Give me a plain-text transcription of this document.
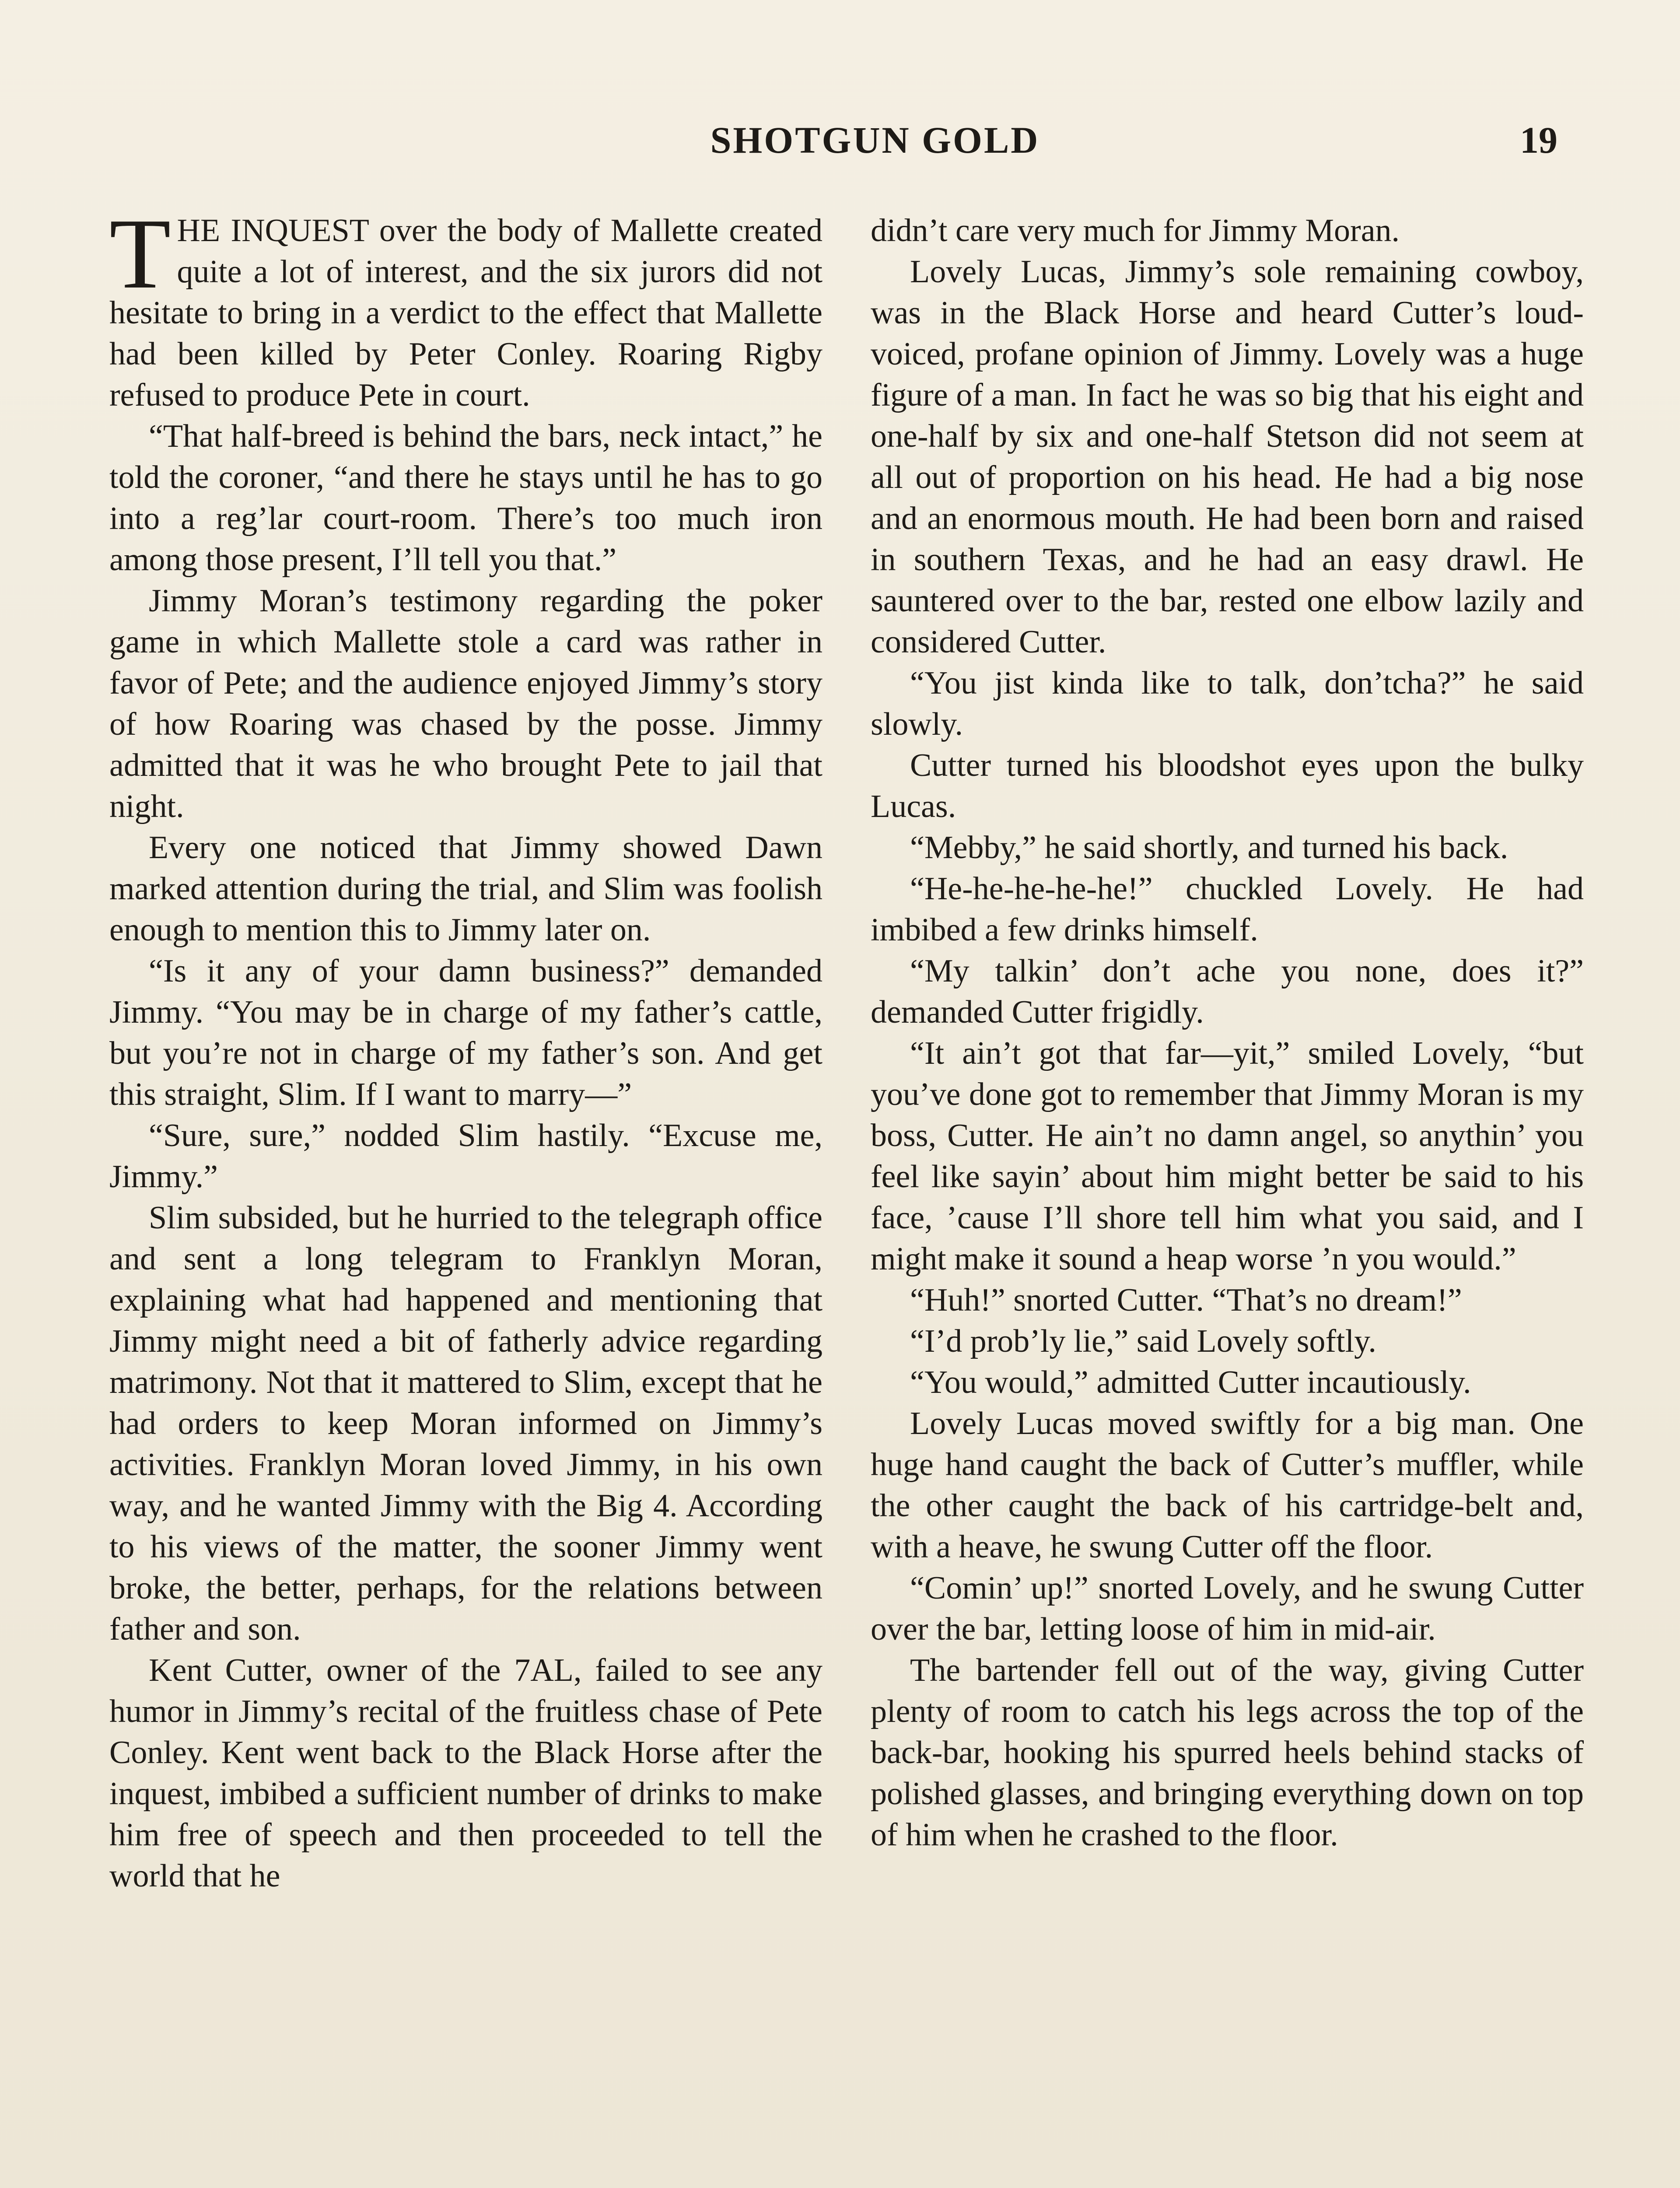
SHOTGUN GOLD	19

THE INQUEST over the body of Mallette created quite a lot of interest, and the six jurors did not hesitate to bring in a verdict to the effect that Mallette had been killed by Peter Conley. Roaring Rigby refused to produce Pete in court.

“That half-breed is behind the bars, neck intact,” he told the coroner, “and there he stays until he has to go into a reg’lar court-room. There’s too much iron among those present, I’ll tell you that.”

Jimmy Moran’s testimony regarding the poker game in which Mallette stole a card was rather in favor of Pete; and the audience enjoyed Jimmy’s story of how Roaring was chased by the posse. Jimmy admitted that it was he who brought Pete to jail that night.

Every one noticed that Jimmy showed Dawn marked attention during the trial, and Slim was foolish enough to mention this to Jimmy later on.

“Is it any of your damn business?” demanded Jimmy. “You may be in charge of my father’s cattle, but you’re not in charge of my father’s son. And get this straight, Slim. If I want to marry—”

“Sure, sure,” nodded Slim hastily. “Excuse me, Jimmy.”

Slim subsided, but he hurried to the telegraph office and sent a long telegram to Franklyn Moran, explaining what had happened and mentioning that Jimmy might need a bit of fatherly advice regarding matrimony. Not that it mattered to Slim, except that he had orders to keep Moran informed on Jimmy’s activities. Franklyn Moran loved Jimmy, in his own way, and he wanted Jimmy with the Big 4. According to his views of the matter, the sooner Jimmy went broke, the better, perhaps, for the relations between father and son.

Kent Cutter, owner of the 7AL, failed to see any humor in Jimmy’s recital of the fruitless chase of Pete Conley. Kent went back to the Black Horse after the inquest, imbibed a sufficient number of drinks to make him free of speech and then proceeded to tell the world that he

didn’t care very much for Jimmy Moran.

Lovely Lucas, Jimmy’s sole remaining cowboy, was in the Black Horse and heard Cutter’s loud-voiced, profane opinion of Jimmy. Lovely was a huge figure of a man. In fact he was so big that his eight and one-half by six and one-half Stetson did not seem at all out of proportion on his head. He had a big nose and an enormous mouth. He had been born and raised in southern Texas, and he had an easy drawl. He sauntered over to the bar, rested one elbow lazily and considered Cutter.

“You jist kinda like to talk, don’tcha?” he said slowly.

Cutter turned his bloodshot eyes upon the bulky Lucas.

“Mebby,” he said shortly, and turned his back.

“He-he-he-he-he!” chuckled Lovely. He had imbibed a few drinks himself.

“My talkin’ don’t ache you none, does it?” demanded Cutter frigidly.

“It ain’t got that far—yit,” smiled Lovely, “but you’ve done got to remember that Jimmy Moran is my boss, Cutter. He ain’t no damn angel, so anythin’ you feel like sayin’ about him might better be said to his face, ’cause I’ll shore tell him what you said, and I might make it sound a heap worse ’n you would.”

“Huh!” snorted Cutter. “That’s no dream!”

“I’d prob’ly lie,” said Lovely softly.

“You would,” admitted Cutter incautiously.

Lovely Lucas moved swiftly for a big man. One huge hand caught the back of Cutter’s muffler, while the other caught the back of his cartridge-belt and, with a heave, he swung Cutter off the floor.

“Comin’ up!” snorted Lovely, and he swung Cutter over the bar, letting loose of him in mid-air.

The bartender fell out of the way, giving Cutter plenty of room to catch his legs across the top of the back-bar, hooking his spurred heels behind stacks of polished glasses, and bringing everything down on top of him when he crashed to the floor.
